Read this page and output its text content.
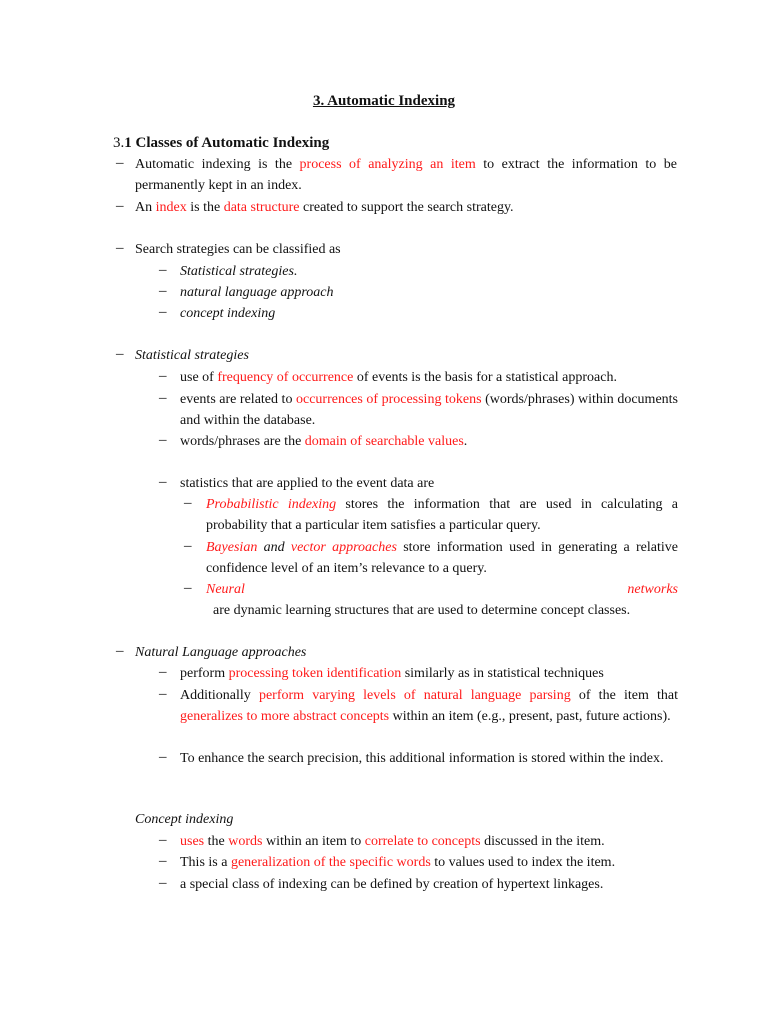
3. Automatic Indexing
3.1 Classes of Automatic Indexing
– Automatic indexing is the process of analyzing an item to extract the information to be permanently kept in an index.
– An index is the data structure created to support the search strategy.
– Search strategies can be classified as
– Statistical strategies.
– natural language approach
– concept indexing
– Statistical strategies
– use of frequency of occurrence of events is the basis for a statistical approach.
– events are related to occurrences of processing tokens (words/phrases) within documents and within the database.
– words/phrases are the domain of searchable values.
– statistics that are applied to the event data are
– Probabilistic indexing stores the information that are used in calculating a probability that a particular item satisfies a particular query.
– Bayesian and vector approaches store information used in generating a relative confidence level of an item’s relevance to a query.
– Neural networks  are dynamic learning structures that are used to determine concept classes.
– Natural Language approaches
– perform processing token identification similarly as in statistical techniques
– Additionally perform varying levels of natural language parsing of the item that generalizes to more abstract concepts within an item (e.g., present, past, future actions).
– To enhance the search precision, this additional information is stored within the index.
Concept indexing
– uses the words within an item to correlate to concepts discussed in the item.
– This is a generalization of the specific words to values used to index the item.
– a special class of indexing can be defined by creation of hypertext linkages.
